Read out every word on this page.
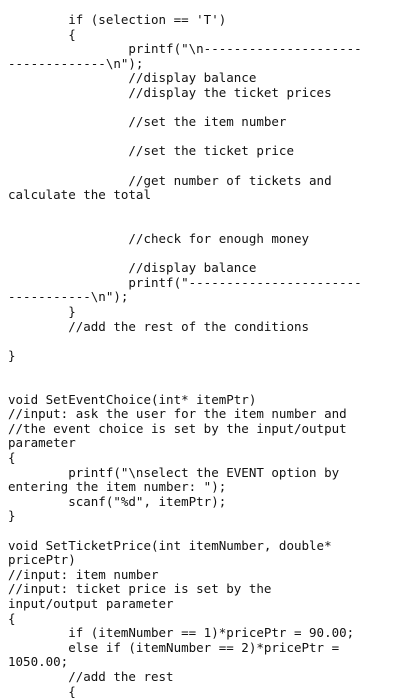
if (selection == 'T')
{
printf("\n---------------------
-------------\n");
//display balance
//display the ticket prices
//set the item number
//set the ticket price
//get number of tickets and
calculate the total
//check for enough money
//display balance
printf("-----------------------
-----------\n");
}
//add the rest of the conditions
}
void SetEventChoice(int* itemPtr)
//input: ask the user for the item number and
//the event choice is set by the input/output
parameter
{
printf("\nselect the EVENT option by
entering the item number: ");
scanf("%d", itemPtr);
}
void SetTicketPrice(int itemNumber, double*
pricePtr)
//input: item number
//input: ticket price is set by the
input/output parameter
{
if (itemNumber == 1)*pricePtr = 90.00;
else if (itemNumber == 2)*pricePtr =
1050.00;
//add the rest
{
